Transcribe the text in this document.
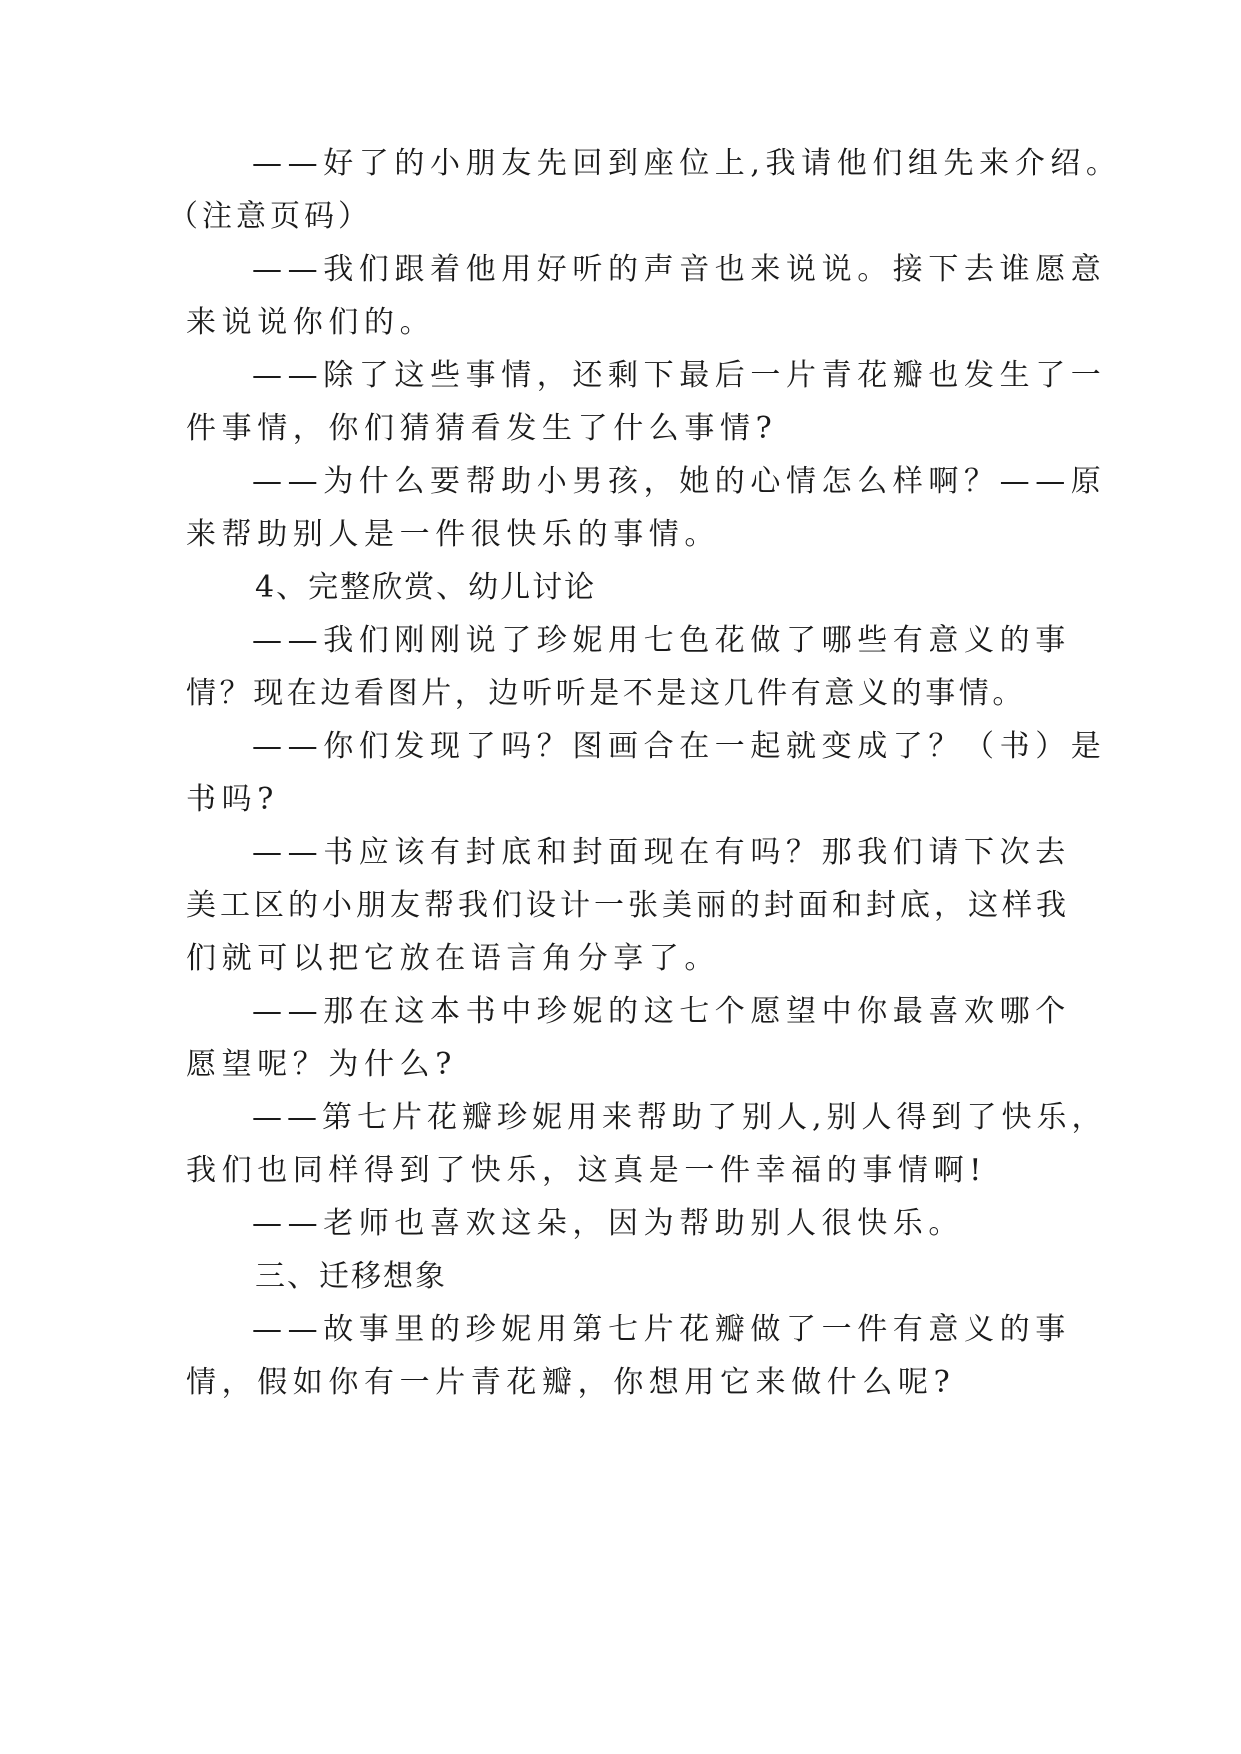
——好了的小朋友先回到座位上,我请他们组先来介绍。

（注意页码）

——我们跟着他用好听的声音也来说说。接下去谁愿意

来说说你们的。

——除了这些事情，还剩下最后一片青花瓣也发生了一

件事情，你们猜猜看发生了什么事情?

——为什么要帮助小男孩，她的心情怎么样啊？——原

来帮助别人是一件很快乐的事情。

4、完整欣赏、幼儿讨论

——我们刚刚说了珍妮用七色花做了哪些有意义的事

情？现在边看图片，边听听是不是这几件有意义的事情。

——你们发现了吗？图画合在一起就变成了？（书）是

书吗?

——书应该有封底和封面现在有吗？那我们请下次去

美工区的小朋友帮我们设计一张美丽的封面和封底，这样我

们就可以把它放在语言角分享了。

——那在这本书中珍妮的这七个愿望中你最喜欢哪个

愿望呢？为什么?

——第七片花瓣珍妮用来帮助了别人,别人得到了快乐，

我们也同样得到了快乐，这真是一件幸福的事情啊!

——老师也喜欢这朵，因为帮助别人很快乐。

三、迁移想象

——故事里的珍妮用第七片花瓣做了一件有意义的事

情，假如你有一片青花瓣，你想用它来做什么呢?
